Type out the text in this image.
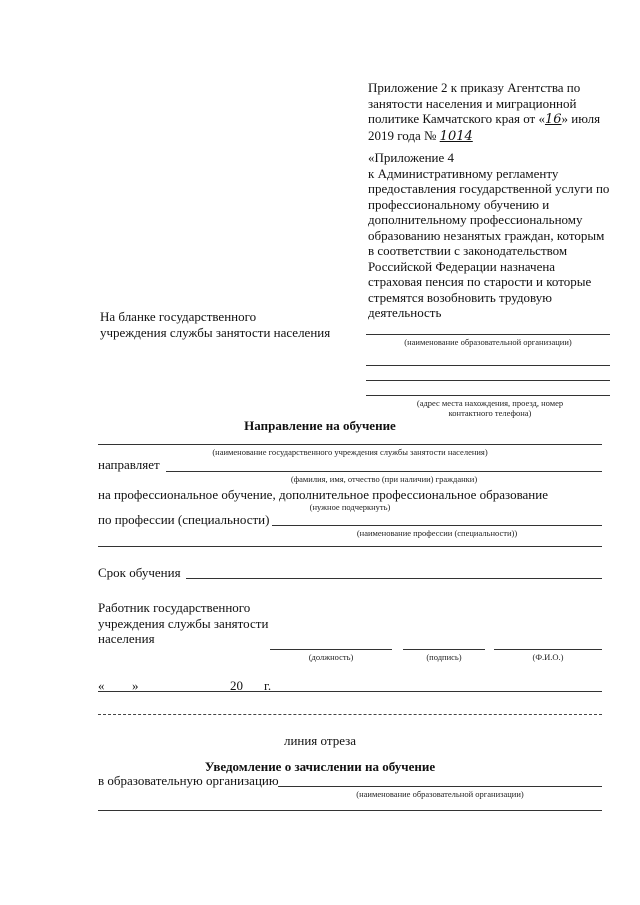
Приложение 2 к приказу Агентства по
занятости населения и миграционной
политике Камчатского края от «16» июля
2019 года № 1014
«Приложение 4
к Административному регламенту
предоставления государственной услуги по
профессиональному обучению и
дополнительному профессиональному
образованию незанятых граждан, которым
в соответствии с законодательством
Российской Федерации назначена
страховая пенсия по старости и которые
стремятся возобновить трудовую
деятельность
На бланке государственного
учреждения службы занятости населения
(наименование образовательной организации)
(адрес места нахождения, проезд, номер
контактного телефона)
Направление на обучение
(наименование государственного учреждения службы занятости населения)
направляет
(фамилия, имя, отчество (при наличии) гражданки)
на профессиональное обучение, дополнительное профессиональное образование
(нужное подчеркнуть)
по профессии (специальности)
(наименование профессии (специальности))
Срок обучения
Работник государственного
учреждения службы занятости
населения
(должность)	(подпись)	(Ф.И.О.)
« »	20 г.
линия отреза
Уведомление о зачислении на обучение
в образовательную организацию
(наименование образовательной организации)
